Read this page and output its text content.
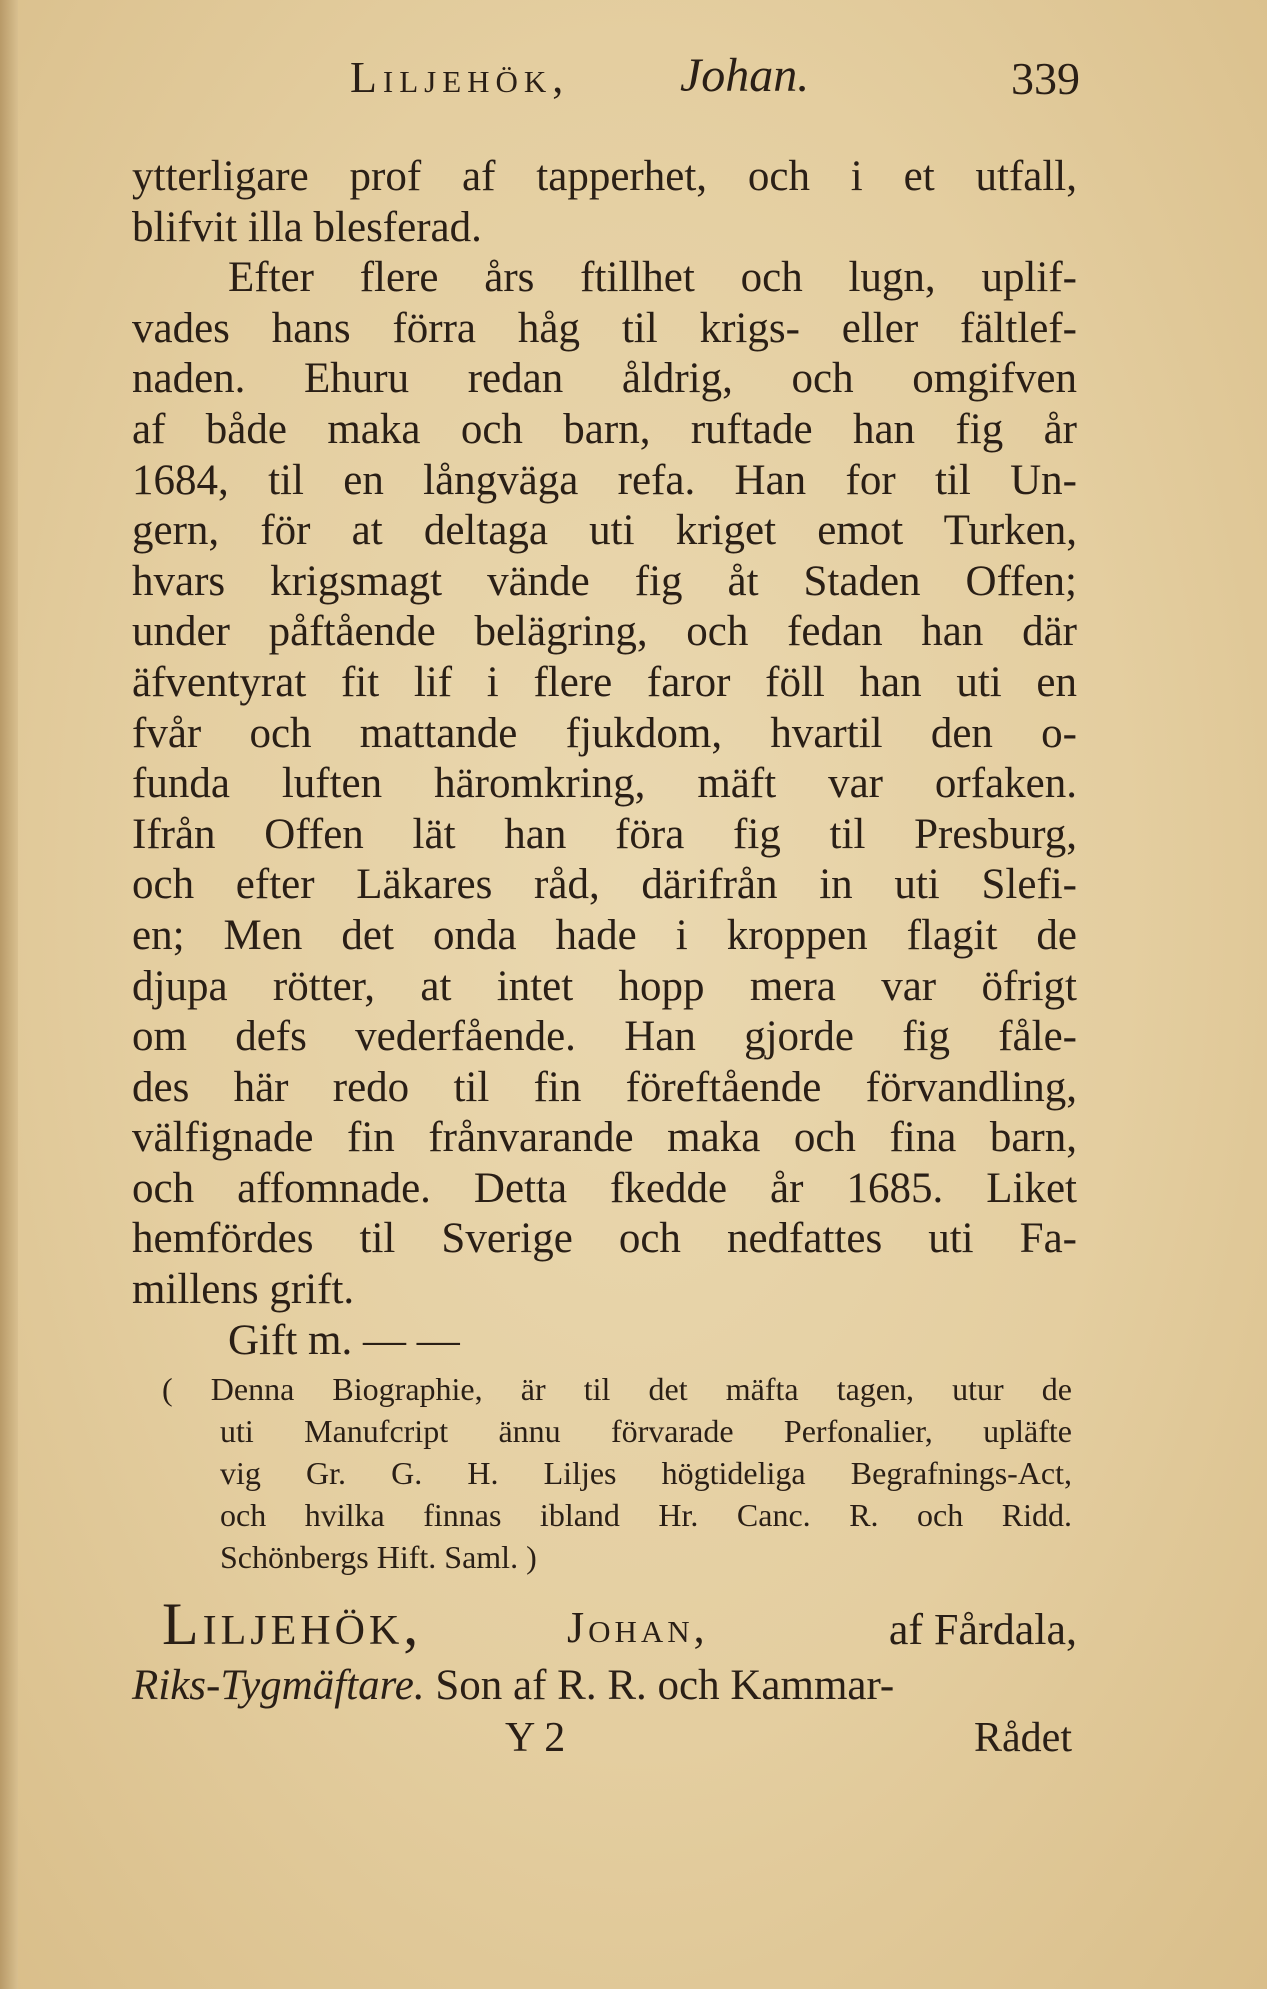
Liljehök, Johan.	339
ytterligare prof af tapperhet, och i et utfall,
blifvit illa blesferad.
Efter flere års ftillhet och lugn, uplif-
vades hans förra håg til krigs- eller fältlef-
naden. Ehuru redan åldrig, och omgifven
af både maka och barn, ruftade han fig år
1684, til en långväga refa. Han for til Un-
gern, för at deltaga uti kriget emot Turken,
hvars krigsmagt vände fig åt Staden Offen;
under påftående belägring, och fedan han där
äfventyrat fit lif i flere faror föll han uti en
fvår och mattande fjukdom, hvartil den o-
funda luften häromkring, mäft var orfaken.
Ifrån Offen lät han föra fig til Presburg,
och efter Läkares råd, därifrån in uti Slefi-
en; Men det onda hade i kroppen flagit de
djupa rötter, at intet hopp mera var öfrigt
om defs vederfående. Han gjorde fig fåle-
des här redo til fin föreftående förvandling,
välfignade fin frånvarande maka och fina barn,
och affomnade. Detta fkedde år 1685. Liket
hemfördes til Sverige och nedfattes uti Fa-
millens grift.
Gift m. — —
( Denna Biographie, är til det mäfta tagen, utur de
uti Manufcript ännu förvarade Perfonalier, upläfte
vig Gr. G. H. Liljes högtideliga Begrafnings-Act,
och hvilka finnas ibland Hr. Canc. R. och Ridd.
Schönbergs Hift. Saml. )
Liljehök,	Johan,	af Fårdala,
Riks-Tygmäftare. Son af R. R. och Kammar-
Y 2	Rådet
